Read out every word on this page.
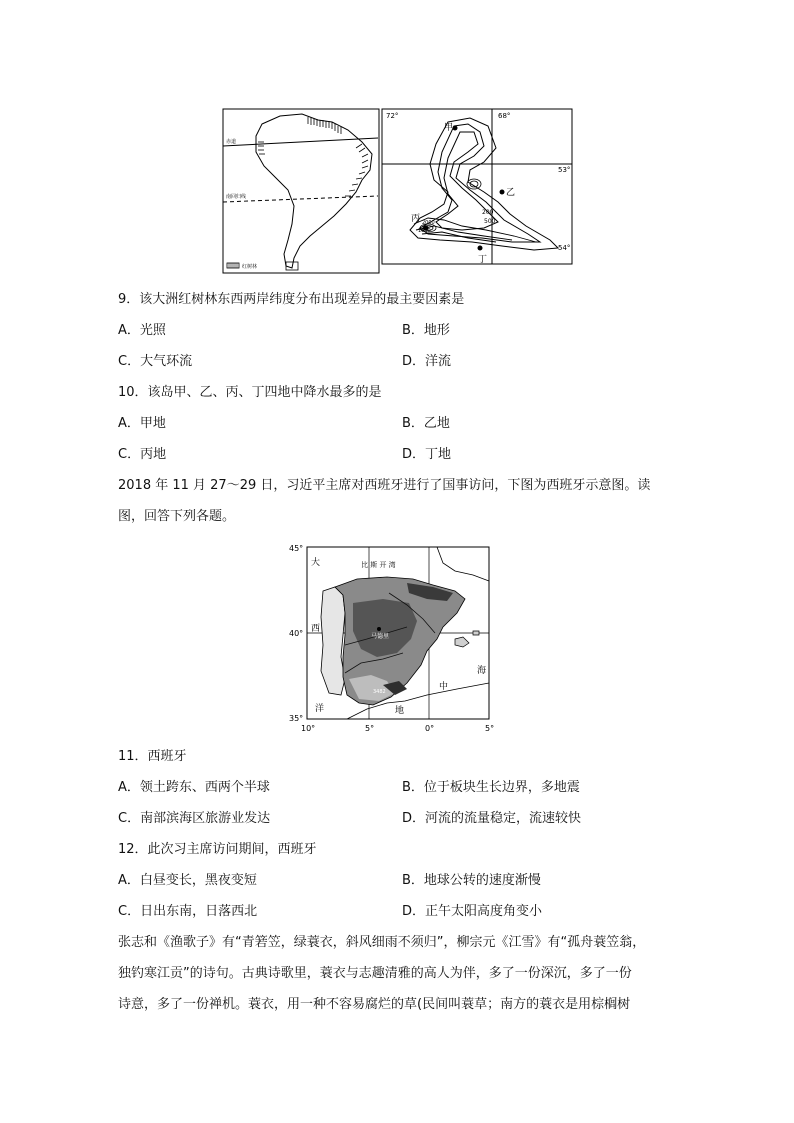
赤道
南回归线
红树林
72°	68°
53°
54°
甲
乙
丙
丁
200
500
1000
2000
9．该大洲红树林东西两岸纬度分布出现差异的最主要因素是
A．光照	B．地形
C．大气环流	D．洋流
10．该岛甲、乙、丙、丁四地中降水最多的是
A．甲地	B．乙地
C．丙地	D．丁地
2018 年 11 月 27～29 日，习近平主席对西班牙进行了国事访问，下图为西班牙示意图。读
图，回答下列各题。
45°
40°
35°
10°	5°	0°	5°
大
西
洋
比 斯 开 湾
马德里
地
中
海
3482
11．西班牙
A．领土跨东、西两个半球	B．位于板块生长边界，多地震
C．南部滨海区旅游业发达	D．河流的流量稳定，流速较快
12．此次习主席访问期间，西班牙
A．白昼变长，黑夜变短	B．地球公转的速度渐慢
C．日出东南，日落西北	D．正午太阳高度角变小
张志和《渔歌子》有“青箬笠，绿蓑衣，斜风细雨不须归”，柳宗元《江雪》有“孤舟蓑笠翁，
独钓寒江贡”的诗句。古典诗歌里，蓑衣与志趣清雅的高人为伴，多了一份深沉，多了一份
诗意，多了一份禅机。蓑衣，用一种不容易腐烂的草(民间叫蓑草；南方的蓑衣是用棕榈树
